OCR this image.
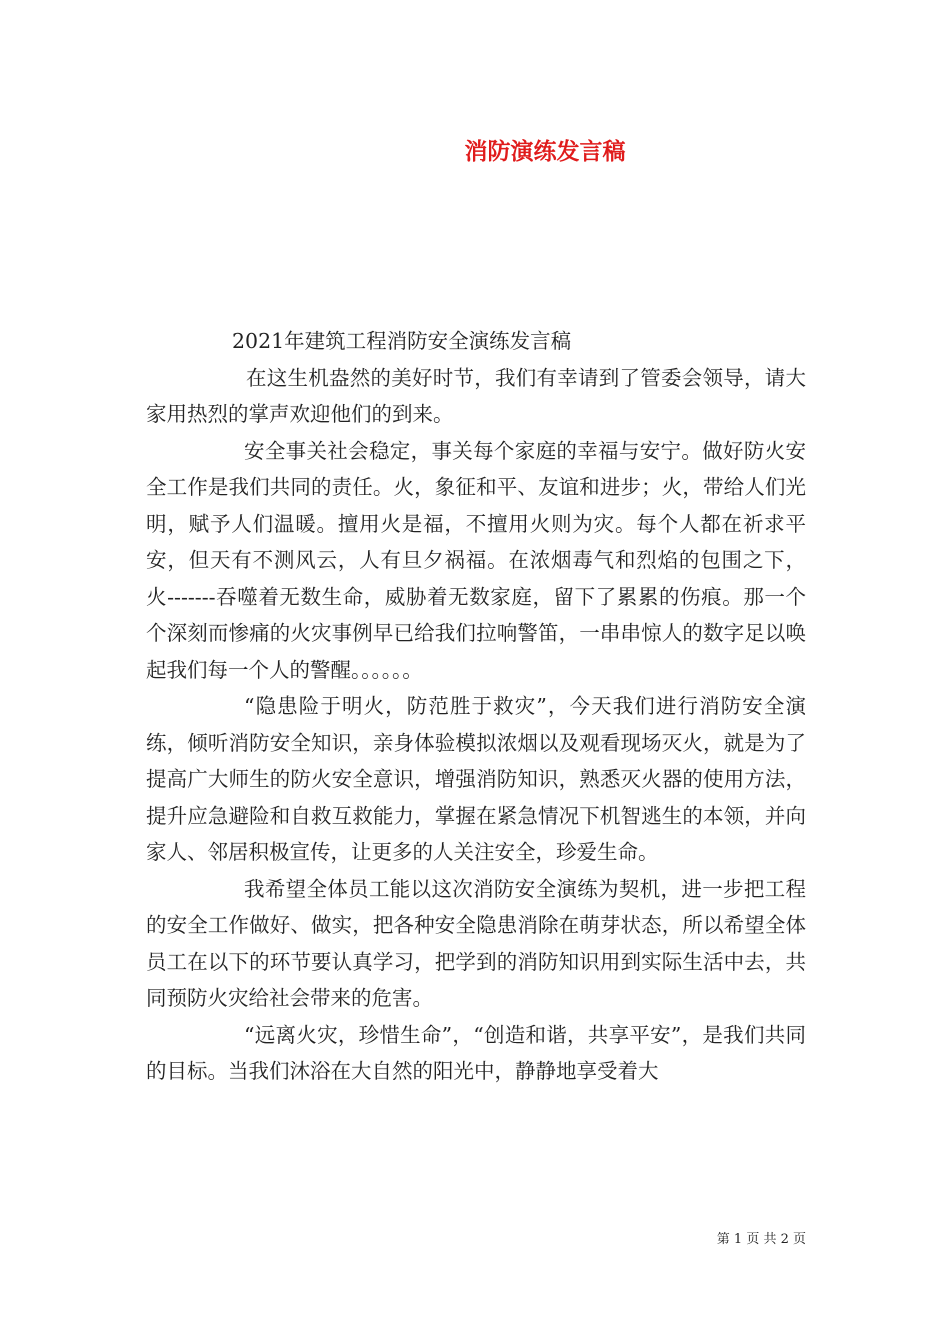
消防演练发言稿

2021年建筑工程消防安全演练发言稿

在这生机盎然的美好时节，我们有幸请到了管委会领导，请大家用热烈的掌声欢迎他们的到来。

安全事关社会稳定，事关每个家庭的幸福与安宁。做好防火安全工作是我们共同的责任。火，象征和平、友谊和进步；火，带给人们光明，赋予人们温暖。擅用火是福，不擅用火则为灾。每个人都在祈求平安，但天有不测风云，人有旦夕祸福。在浓烟毒气和烈焰的包围之下，火-------吞噬着无数生命，威胁着无数家庭，留下了累累的伤痕。那一个个深刻而惨痛的火灾事例早已给我们拉响警笛，一串串惊人的数字足以唤起我们每一个人的警醒。。。。。。

“隐患险于明火，防范胜于救灾”，今天我们进行消防安全演练，倾听消防安全知识，亲身体验模拟浓烟以及观看现场灭火，就是为了提高广大师生的防火安全意识，增强消防知识，熟悉灭火器的使用方法，提升应急避险和自救互救能力，掌握在紧急情况下机智逃生的本领，并向家人、邻居积极宣传，让更多的人关注安全，珍爱生命。

我希望全体员工能以这次消防安全演练为契机，进一步把工程的安全工作做好、做实，把各种安全隐患消除在萌芽状态，所以希望全体员工在以下的环节要认真学习，把学到的消防知识用到实际生活中去，共同预防火灾给社会带来的危害。

“远离火灾，珍惜生命”，“创造和谐，共享平安”，是我们共同的目标。当我们沐浴在大自然的阳光中，静静地享受着大

第 1 页 共 2 页
